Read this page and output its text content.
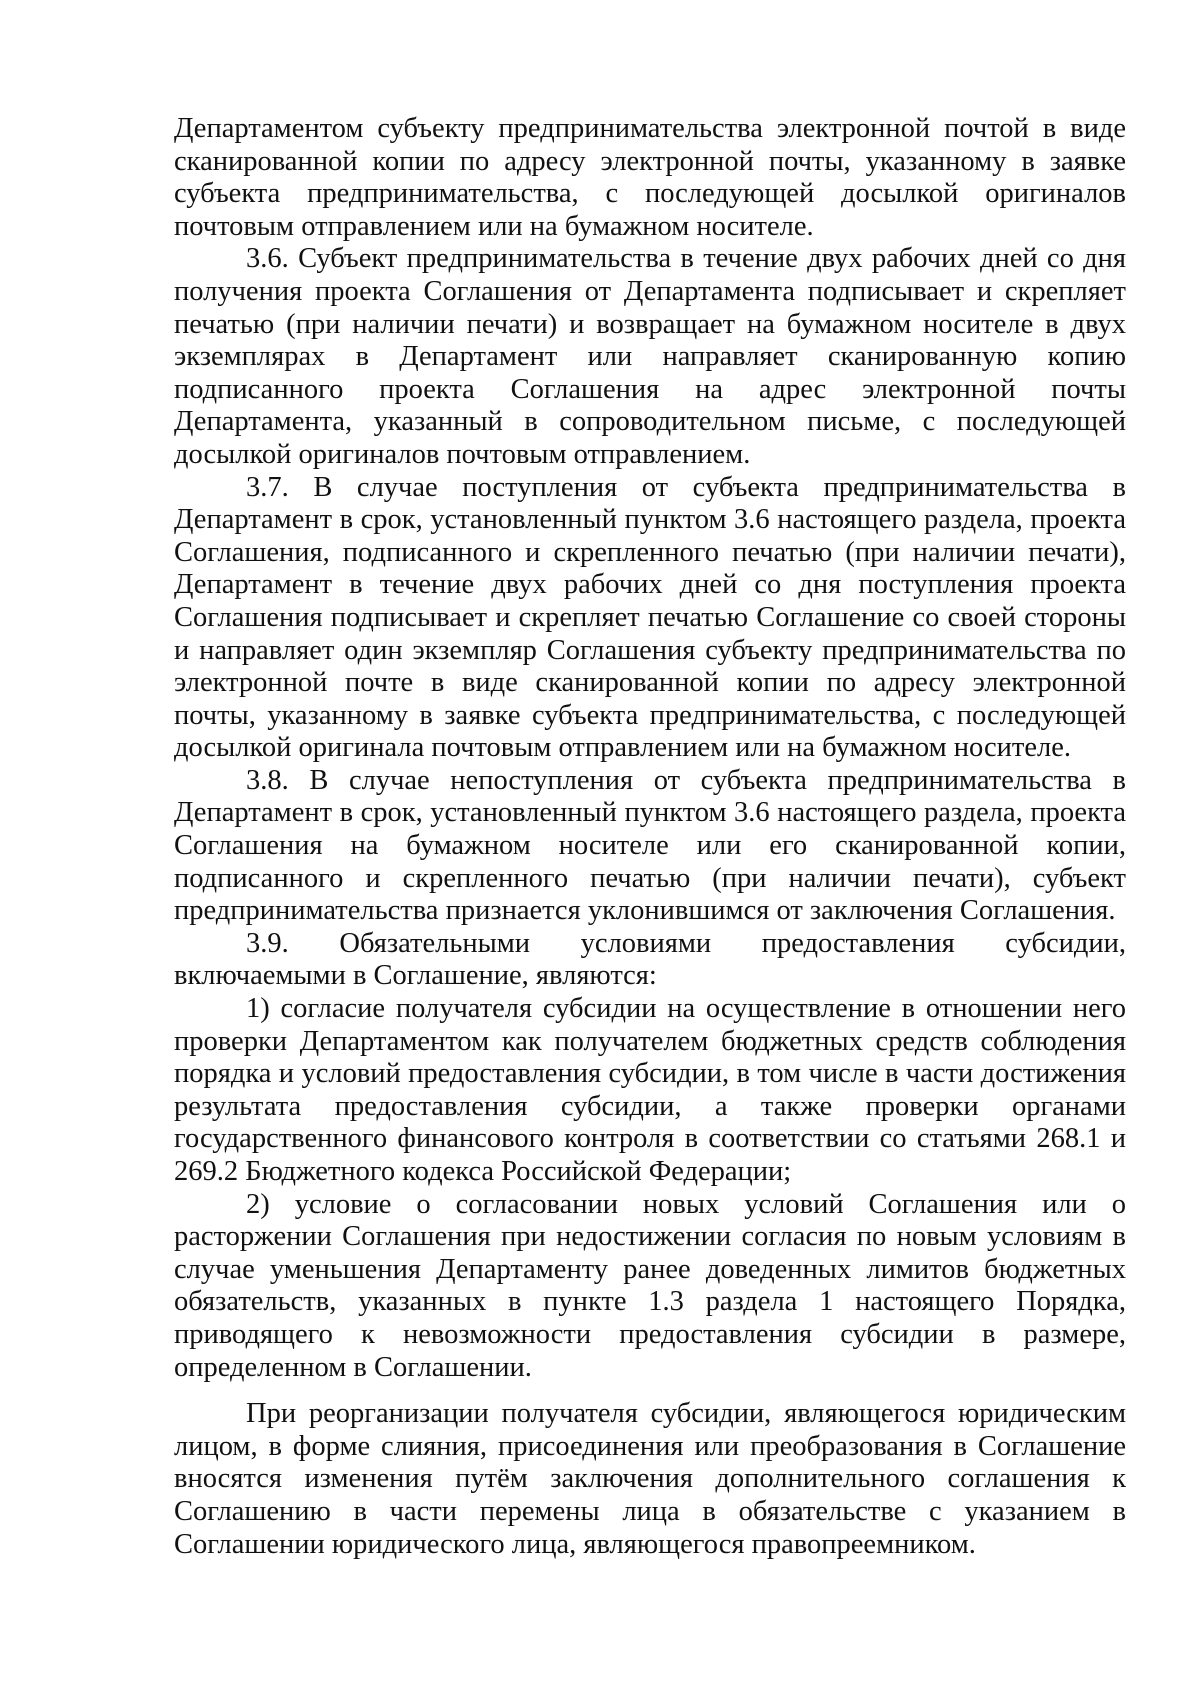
Департаментом субъекту предпринимательства электронной почтой в виде сканированной копии по адресу электронной почты, указанному в заявке субъекта предпринимательства, с последующей досылкой оригиналов почтовым отправлением или на бумажном носителе.

3.6. Субъект предпринимательства в течение двух рабочих дней со дня получения проекта Соглашения от Департамента подписывает и скрепляет печатью (при наличии печати) и возвращает на бумажном носителе в двух экземплярах в Департамент или направляет сканированную копию подписанного проекта Соглашения на адрес электронной почты Департамента, указанный в сопроводительном письме, с последующей досылкой оригиналов почтовым отправлением.

3.7. В случае поступления от субъекта предпринимательства в Департамент в срок, установленный пунктом 3.6 настоящего раздела, проекта Соглашения, подписанного и скрепленного печатью (при наличии печати), Департамент в течение двух рабочих дней со дня поступления проекта Соглашения подписывает и скрепляет печатью Соглашение со своей стороны и направляет один экземпляр Соглашения субъекту предпринимательства по электронной почте в виде сканированной копии по адресу электронной почты, указанному в заявке субъекта предпринимательства, с последующей досылкой оригинала почтовым отправлением или на бумажном носителе.

3.8. В случае непоступления от субъекта предпринимательства в Департамент в срок, установленный пунктом 3.6 настоящего раздела, проекта Соглашения на бумажном носителе или его сканированной копии, подписанного и скрепленного печатью (при наличии печати), субъект предпринимательства признается уклонившимся от заключения Соглашения.

3.9. Обязательными условиями предоставления субсидии, включаемыми в Соглашение, являются:

1) согласие получателя субсидии на осуществление в отношении него проверки Департаментом как получателем бюджетных средств соблюдения порядка и условий предоставления субсидии, в том числе в части достижения результата предоставления субсидии, а также проверки органами государственного финансового контроля в соответствии со статьями 268.1 и 269.2 Бюджетного кодекса Российской Федерации;

2) условие о согласовании новых условий Соглашения или о расторжении Соглашения при недостижении согласия по новым условиям в случае уменьшения Департаменту ранее доведенных лимитов бюджетных обязательств, указанных в пункте 1.3 раздела 1 настоящего Порядка, приводящего к невозможности предоставления субсидии в размере, определенном в Соглашении.

При реорганизации получателя субсидии, являющегося юридическим лицом, в форме слияния, присоединения или преобразования в Соглашение вносятся изменения путём заключения дополнительного соглашения к Соглашению в части перемены лица в обязательстве с указанием в Соглашении юридического лица, являющегося правопреемником.
